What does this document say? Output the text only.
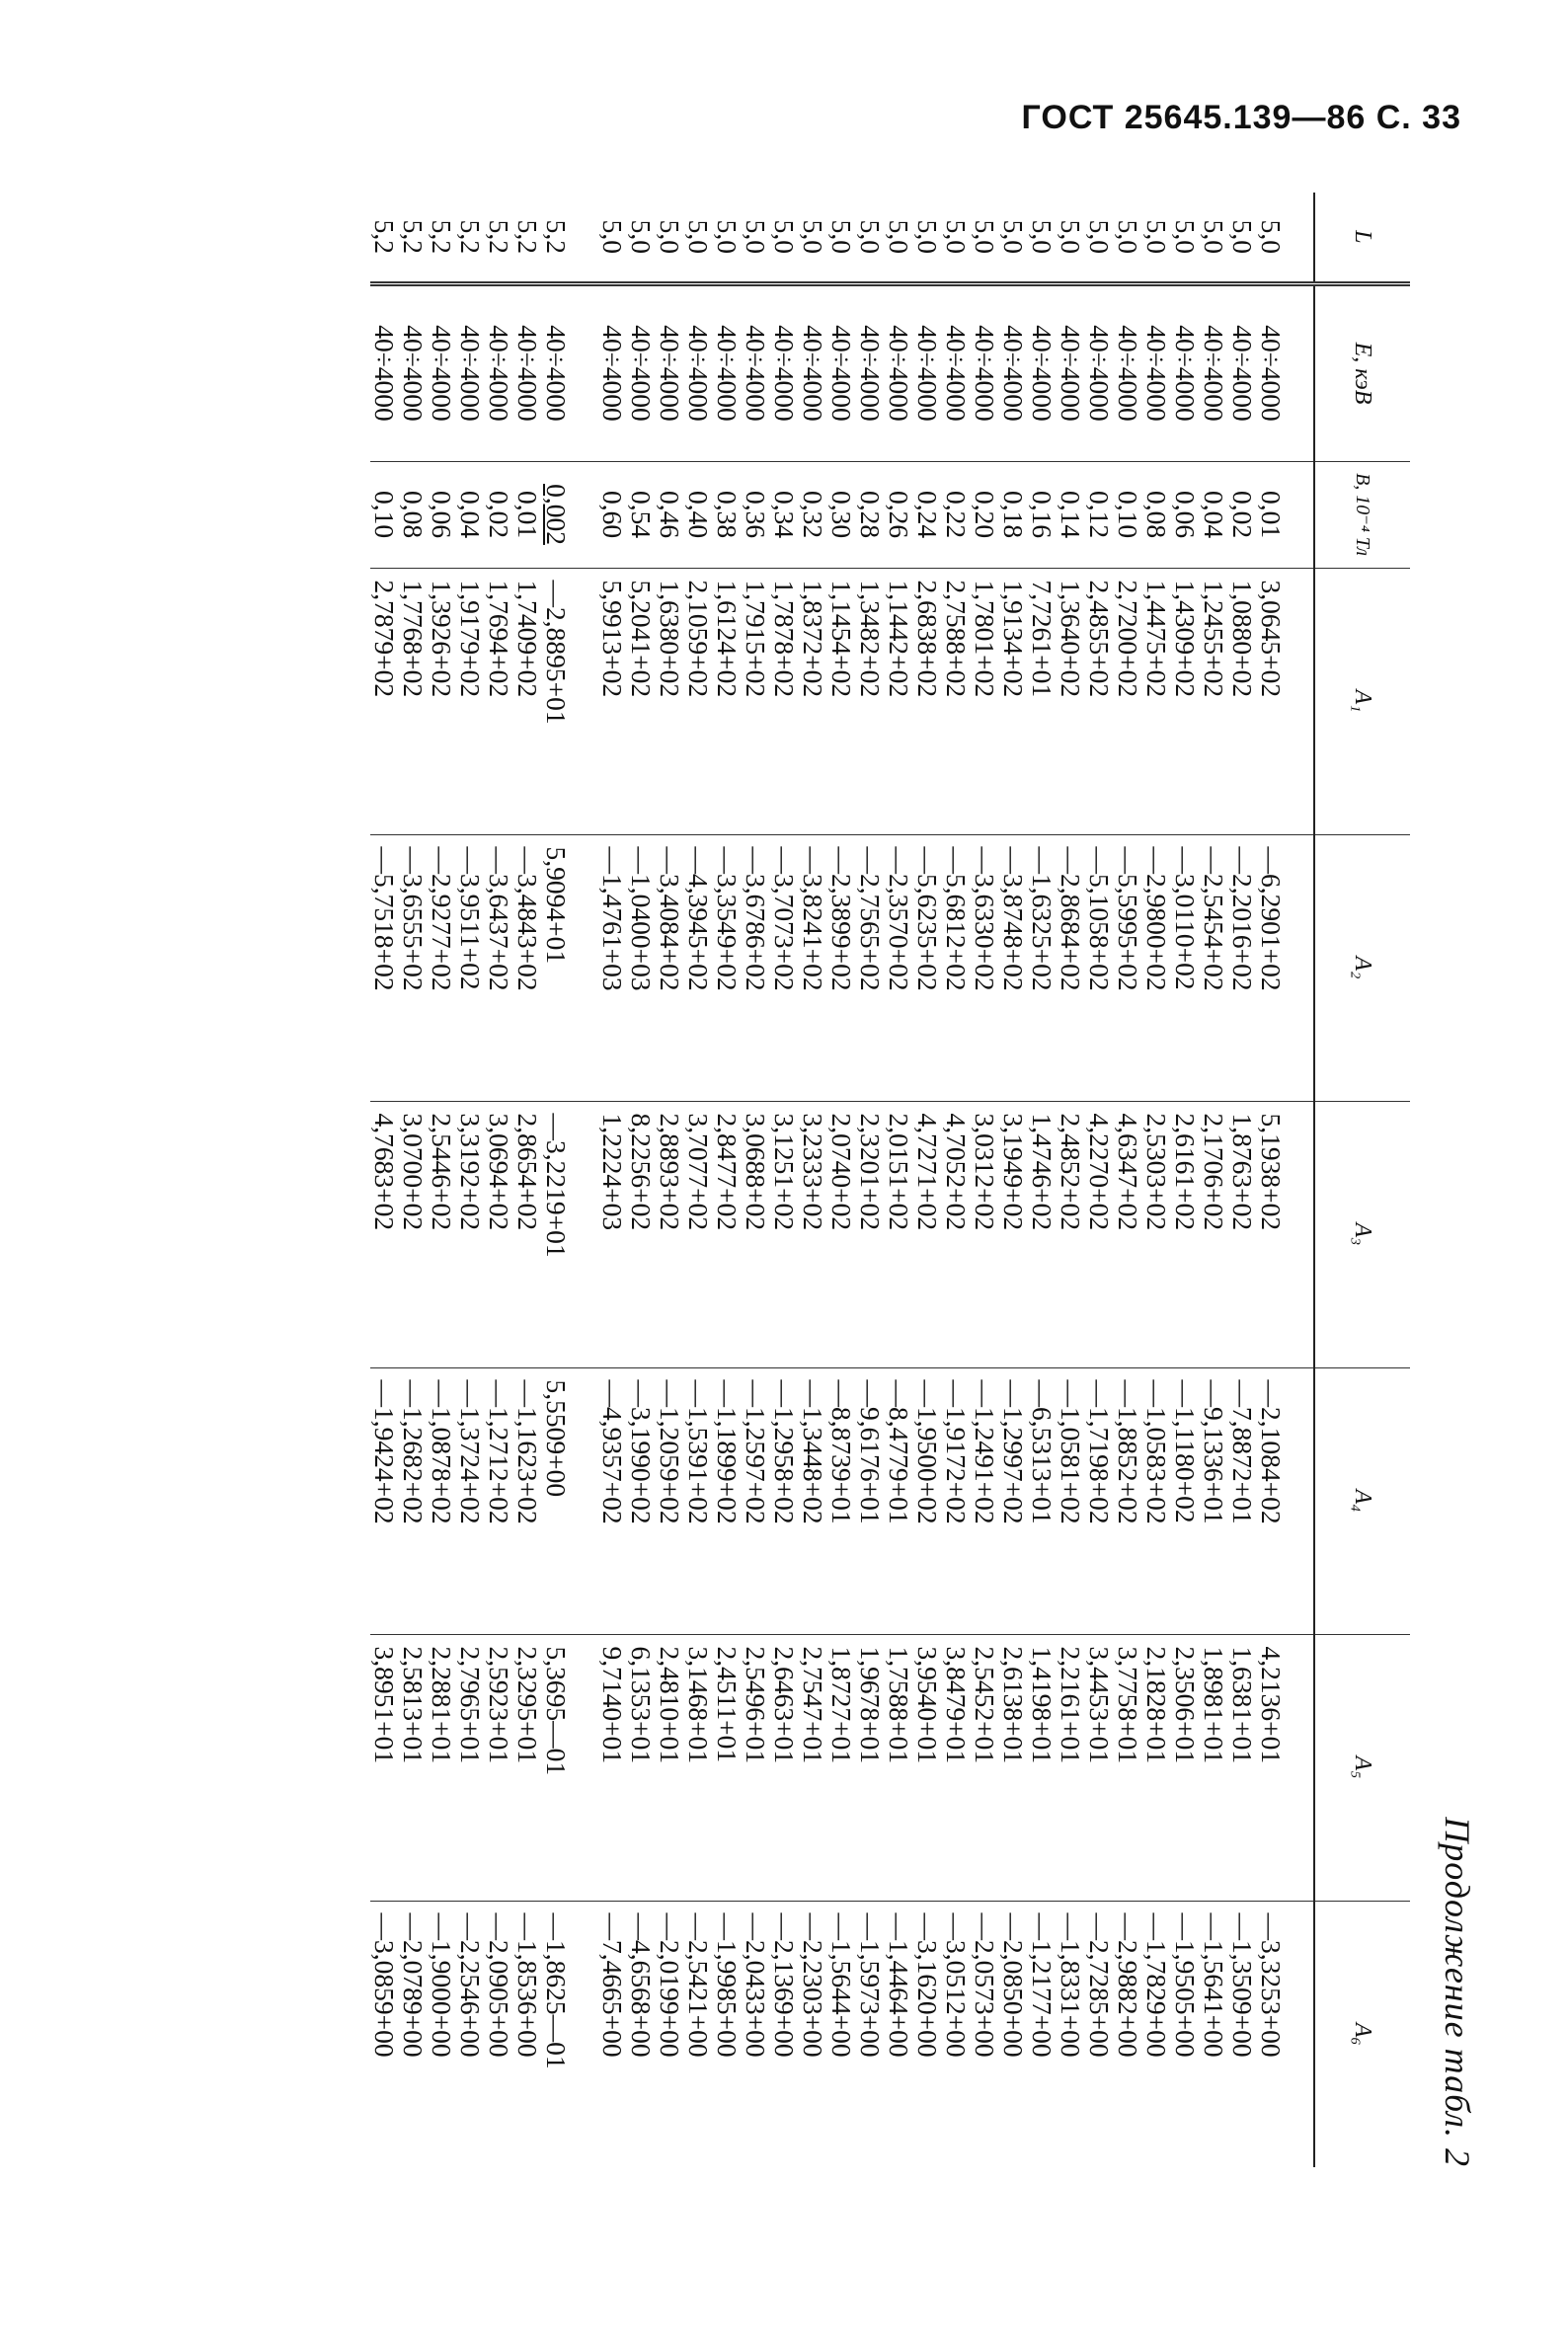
ГОСТ 25645.139—86 С. 33
Продолжение табл. 2
L	E, кэВ	B, 10⁻⁴ Тл	A₁	A₂	A₃	A₄	A₅	A₆

5,0	40÷4000	0,01	3,0645+02	—6,2901+02	5,1938+02	—2,1084+02	4,2136+01	—3,3253+00
5,0	40÷4000	0,02	1,0880+02	—2,2016+02	1,8763+02	—7,8872+01	1,6381+01	—1,3509+00
5,0	40÷4000	0,04	1,2455+02	—2,5454+02	2,1706+02	—9,1336+01	1,8981+01	—1,5641+00
5,0	40÷4000	0,06	1,4309+02	—3,0110+02	2,6161+02	—1,1180+02	2,3506+01	—1,9505+00
5,0	40÷4000	0,08	1,4475+02	—2,9800+02	2,5303+02	—1,0583+02	2,1828+01	—1,7829+00
5,0	40÷4000	0,10	2,7200+02	—5,5995+02	4,6347+02	—1,8852+02	3,7758+01	—2,9882+00
5,0	40÷4000	0,12	2,4855+02	—5,1058+02	4,2270+02	—1,7198+02	3,4453+01	—2,7285+00
5,0	40÷4000	0,14	1,3640+02	—2,8684+02	2,4852+02	—1,0581+02	2,2161+01	—1,8331+00
5,0	40÷4000	0,16	7,7261+01	—1,6325+02	1,4746+02	—6,5313+01	1,4198+01	—1,2177+00
5,0	40÷4000	0,18	1,9134+02	—3,8748+02	3,1949+02	—1,2997+02	2,6138+01	—2,0850+00
5,0	40÷4000	0,20	1,7801+02	—3,6330+02	3,0312+02	—1,2491+02	2,5452+01	—2,0573+00
5,0	40÷4000	0,22	2,7588+02	—5,6812+02	4,7052+02	—1,9172+02	3,8479+01	—3,0512+00
5,0	40÷4000	0,24	2,6838+02	—5,6235+02	4,7271+02	—1,9500+02	3,9540+01	—3,1620+00
5,0	40÷4000	0,26	1,1442+02	—2,3570+02	2,0151+02	—8,4779+01	1,7588+01	—1,4464+00
5,0	40÷4000	0,28	1,3482+02	—2,7565+02	2,3201+02	—9,6176+01	1,9678+01	—1,5973+00
5,0	40÷4000	0,30	1,1454+02	—2,3899+02	2,0740+02	—8,8739+01	1,8727+01	—1,5644+00
5,0	40÷4000	0,32	1,8372+02	—3,8241+02	3,2333+02	—1,3448+02	2,7547+01	—2,2303+00
5,0	40÷4000	0,34	1,7878+02	—3,7073+02	3,1251+02	—1,2958+02	2,6463+01	—2,1369+00
5,0	40÷4000	0,36	1,7915+02	—3,6786+02	3,0688+02	—1,2597+02	2,5496+01	—2,0433+00
5,0	40÷4000	0,38	1,6124+02	—3,3549+02	2,8477+02	—1,1899+02	2,4511+01	—1,9985+00
5,0	40÷4000	0,40	2,1059+02	—4,3945+02	3,7077+02	—1,5391+02	3,1468+01	—2,5421+00
5,0	40÷4000	0,46	1,6380+02	—3,4084+02	2,8893+02	—1,2059+02	2,4810+01	—2,0199+00
5,0	40÷4000	0,54	5,2041+02	—1,0400+03	8,2256+02	—3,1990+02	6,1353+01	—4,6568+00
5,0	40÷4000	0,60	5,9913+02	—1,4761+03	1,2224+03	—4,9357+02	9,7140+01	—7,4665+00

5,2	40÷4000	0,002	—2,8895+01	5,9094+01	—3,2219+01	5,5509+00	5,3695—01	—1,8625—01
5,2	40÷4000	0,01	1,7409+02	—3,4843+02	2,8654+02	—1,1623+02	2,3295+01	—1,8536+00
5,2	40÷4000	0,02	1,7694+02	—3,6437+02	3,0694+02	—1,2712+02	2,5923+01	—2,0905+00
5,2	40÷4000	0,04	1,9179+02	—3,9511+02	3,3192+02	—1,3724+02	2,7965+01	—2,2546+00
5,2	40÷4000	0,06	1,3926+02	—2,9277+02	2,5446+02	—1,0878+02	2,2881+01	—1,9000+00
5,2	40÷4000	0,08	1,7768+02	—3,6555+02	3,0700+02	—1,2682+02	2,5813+01	—2,0789+00
5,2	40÷4000	0,10	2,7879+02	—5,7518+02	4,7683+02	—1,9424+02	3,8951+01	—3,0859+00
